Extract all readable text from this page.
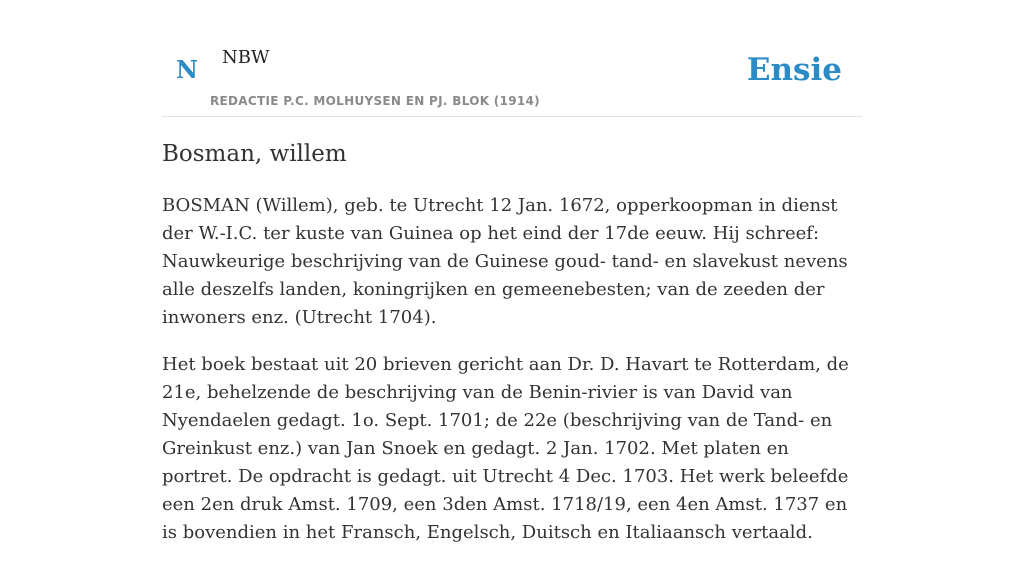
N NBW
REDACTIE P.C. MOLHUYSEN EN PJ. BLOK (1914)
Ensie
Bosman, willem

BOSMAN (Willem), geb. te Utrecht 12 Jan. 1672, opperkoopman in dienst der W.-I.C. ter kuste van Guinea op het eind der 17de eeuw. Hij schreef: Nauwkeurige beschrijving van de Guinese goud- tand- en slavekust nevens alle deszelfs landen, koningrijken en gemeenebesten; van de zeeden der inwoners enz. (Utrecht 1704).

Het boek bestaat uit 20 brieven gericht aan Dr. D. Havart te Rotterdam, de 21e, behelzende de beschrijving van de Benin-rivier is van David van Nyendaelen gedagt. 1o. Sept. 1701; de 22e (beschrijving van de Tand- en Greinkust enz.) van Jan Snoek en gedagt. 2 Jan. 1702. Met platen en portret. De opdracht is gedagt. uit Utrecht 4 Dec. 1703. Het werk beleefde een 2en druk Amst. 1709, een 3den Amst. 1718/19, een 4en Amst. 1737 en is bovendien in het Fransch, Engelsch, Duitsch en Italiaansch vertaald.
